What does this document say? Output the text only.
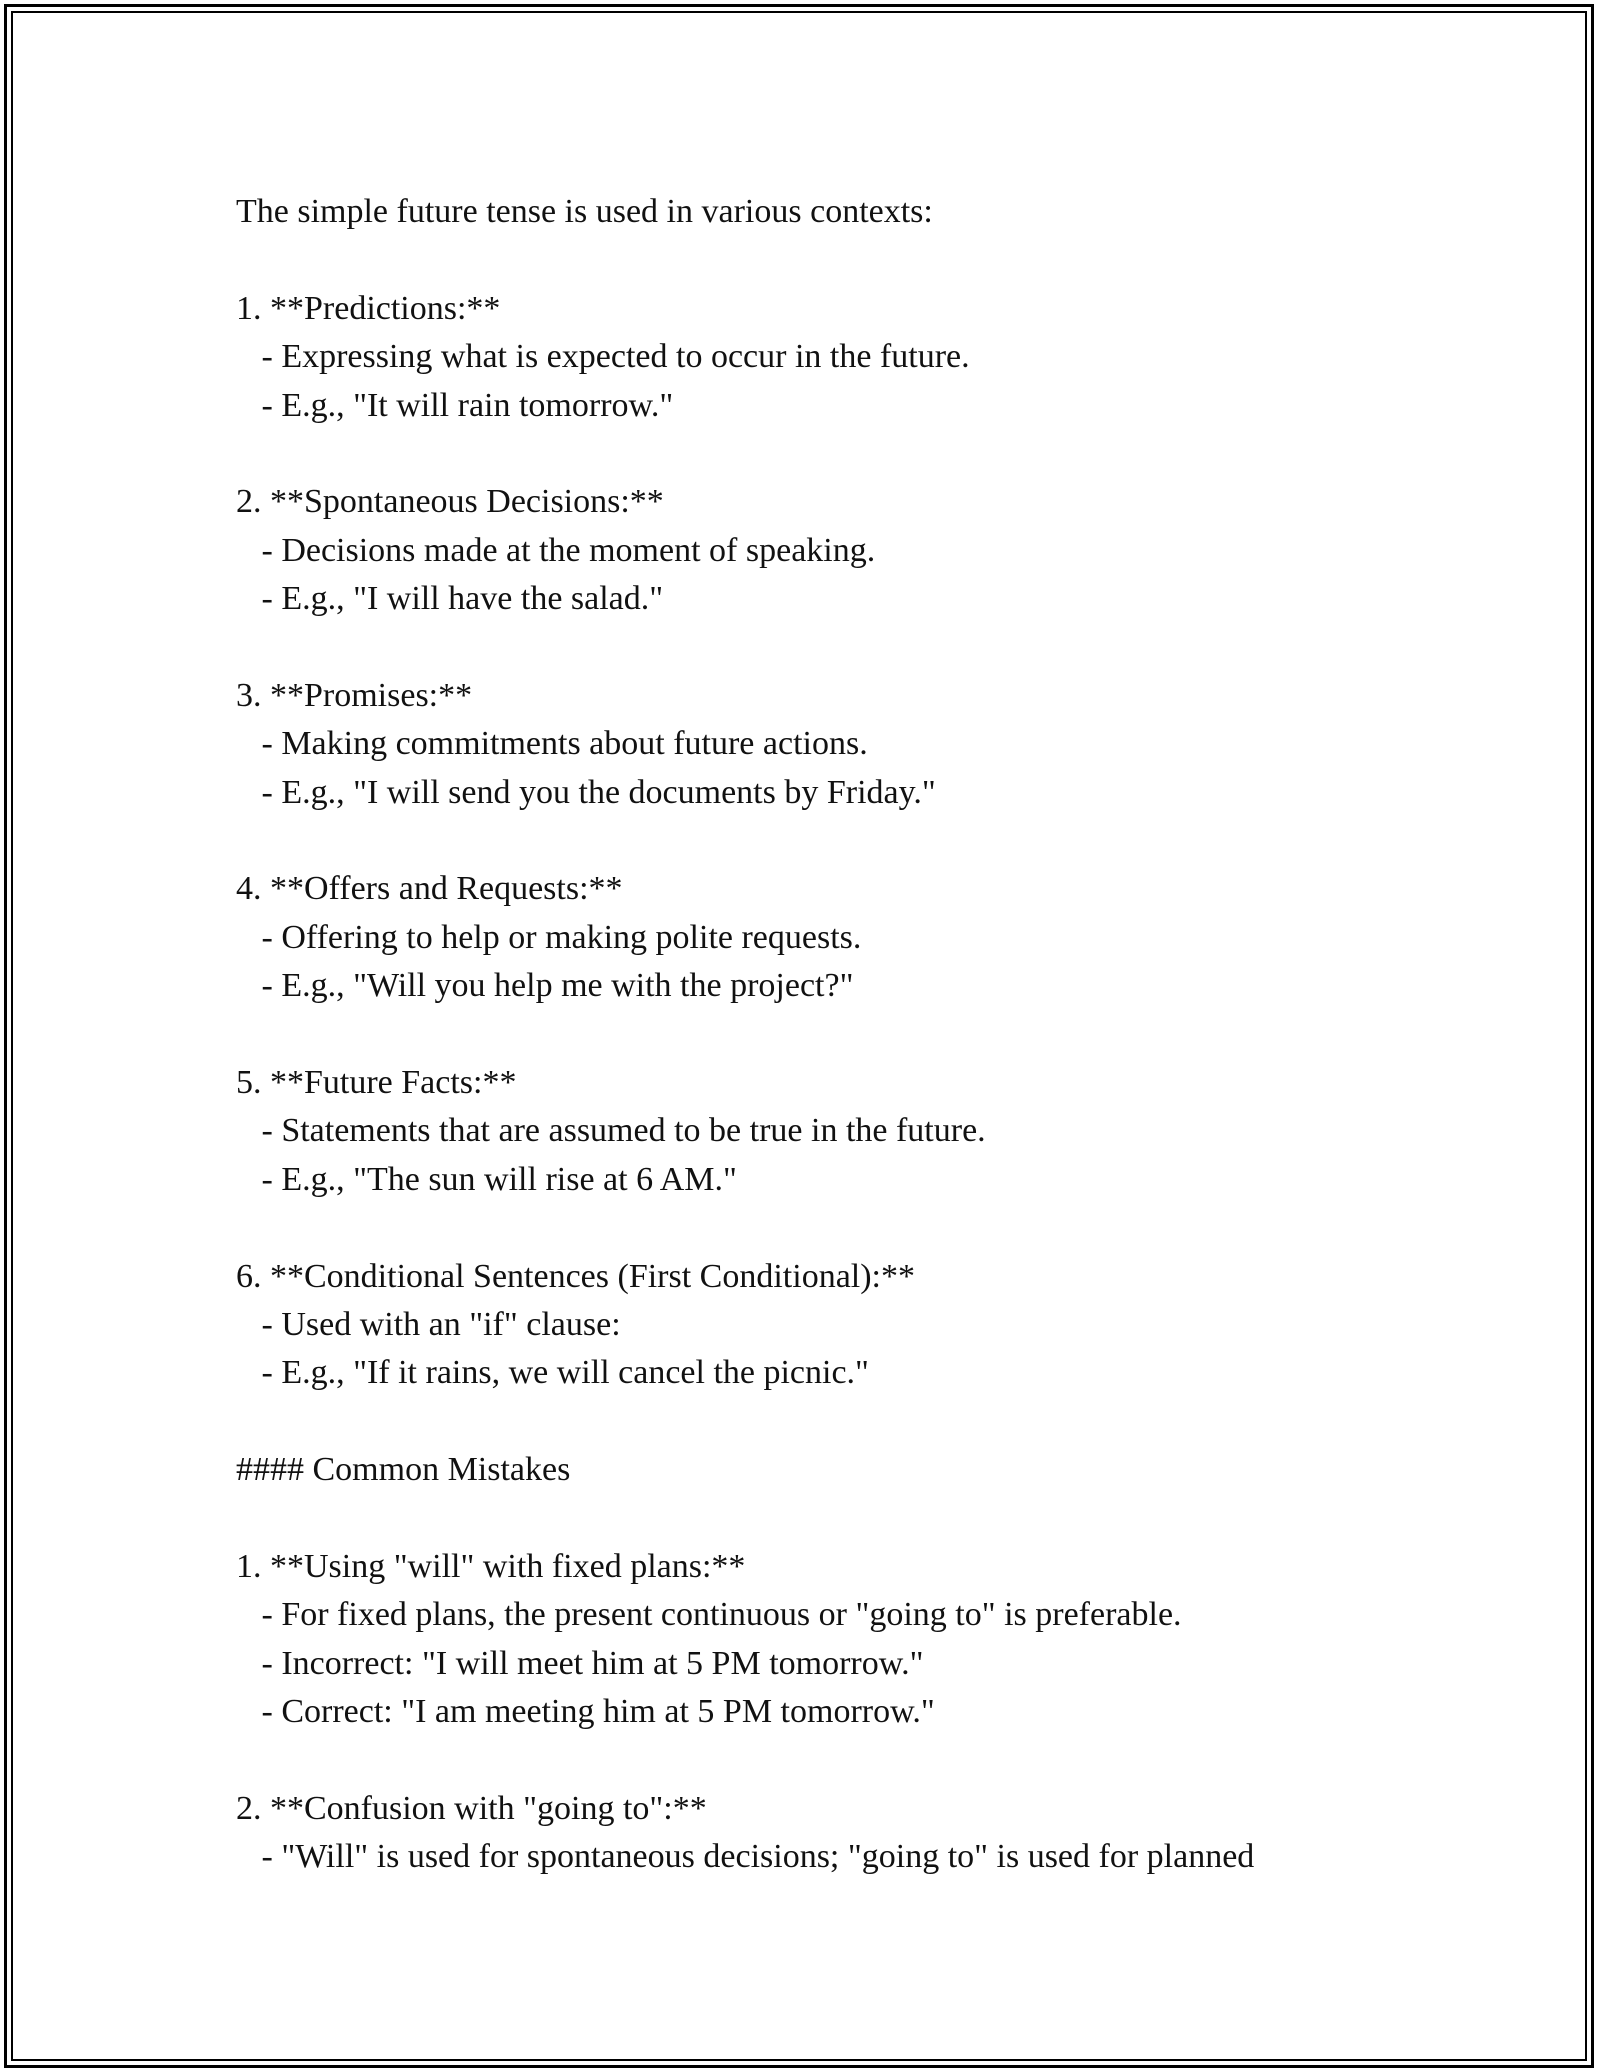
The simple future tense is used in various contexts:

1. **Predictions:**

- Expressing what is expected to occur in the future.

- E.g., "It will rain tomorrow."

2. **Spontaneous Decisions:**

- Decisions made at the moment of speaking.

- E.g., "I will have the salad."

3. **Promises:**

- Making commitments about future actions.

- E.g., "I will send you the documents by Friday."

4. **Offers and Requests:**

- Offering to help or making polite requests.

- E.g., "Will you help me with the project?"

5. **Future Facts:**

- Statements that are assumed to be true in the future.

- E.g., "The sun will rise at 6 AM."

6. **Conditional Sentences (First Conditional):**

- Used with an "if" clause:

- E.g., "If it rains, we will cancel the picnic."

#### Common Mistakes

1. **Using "will" with fixed plans:**

- For fixed plans, the present continuous or "going to" is preferable.

- Incorrect: "I will meet him at 5 PM tomorrow."

- Correct: "I am meeting him at 5 PM tomorrow."

2. **Confusion with "going to":**

- "Will" is used for spontaneous decisions; "going to" is used for planned
